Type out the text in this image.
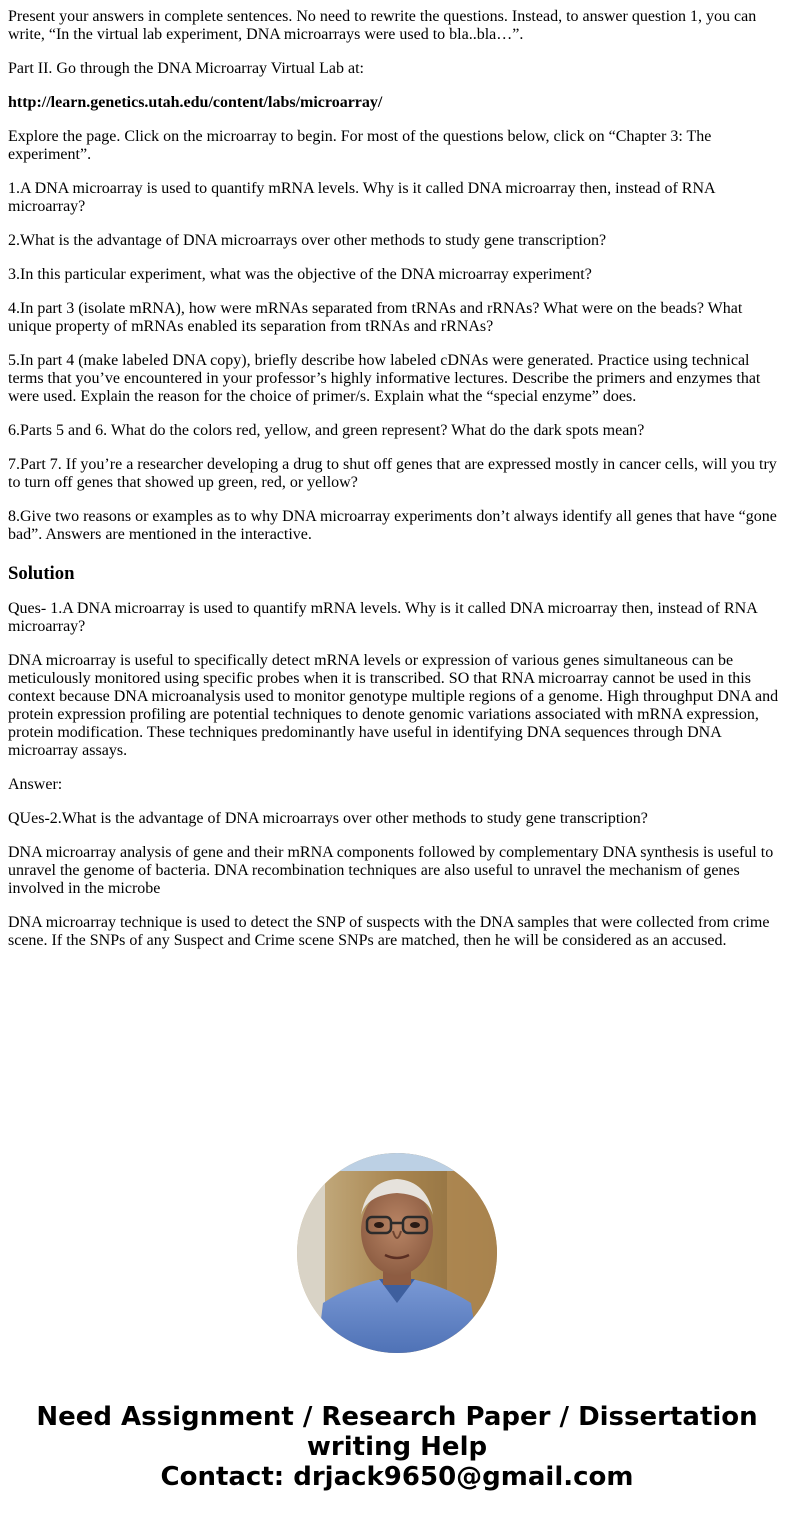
Present your answers in complete sentences. No need to rewrite the questions. Instead, to answer question 1, you can write, “In the virtual lab experiment, DNA microarrays were used to bla..bla…”.

Part II. Go through the DNA Microarray Virtual Lab at:

http://learn.genetics.utah.edu/content/labs/microarray/

Explore the page. Click on the microarray to begin. For most of the questions below, click on “Chapter 3: The experiment”.

1.A DNA microarray is used to quantify mRNA levels. Why is it called DNA microarray then, instead of RNA microarray?

2.What is the advantage of DNA microarrays over other methods to study gene transcription?

3.In this particular experiment, what was the objective of the DNA microarray experiment?

4.In part 3 (isolate mRNA), how were mRNAs separated from tRNAs and rRNAs? What were on the beads? What unique property of mRNAs enabled its separation from tRNAs and rRNAs?

5.In part 4 (make labeled DNA copy), briefly describe how labeled cDNAs were generated. Practice using technical terms that you’ve encountered in your professor’s highly informative lectures. Describe the primers and enzymes that were used. Explain the reason for the choice of primer/s. Explain what the “special enzyme” does.

6.Parts 5 and 6. What do the colors red, yellow, and green represent? What do the dark spots mean?

7.Part 7. If you’re a researcher developing a drug to shut off genes that are expressed mostly in cancer cells, will you try to turn off genes that showed up green, red, or yellow?

8.Give two reasons or examples as to why DNA microarray experiments don’t always identify all genes that have “gone bad”. Answers are mentioned in the interactive.

Solution

Ques- 1.A DNA microarray is used to quantify mRNA levels. Why is it called DNA microarray then, instead of RNA microarray?

DNA microarray is useful to specifically detect mRNA levels or expression of various genes simultaneous can be meticulously monitored using specific probes when it is transcribed. SO that RNA microarray cannot be used in this context because DNA microanalysis used to monitor genotype multiple regions of a genome. High throughput DNA and protein expression profiling are potential techniques to denote genomic variations associated with mRNA expression, protein modification. These techniques predominantly have useful in identifying DNA sequences through DNA microarray assays.

Answer:

QUes-2.What is the advantage of DNA microarrays over other methods to study gene transcription?

DNA microarray analysis of gene and their mRNA components followed by complementary DNA synthesis is useful to unravel the genome of bacteria. DNA recombination techniques are also useful to unravel the mechanism of genes involved in the microbe

DNA microarray technique is used to detect the SNP of suspects with the DNA samples that were collected from crime scene. If the SNPs of any Suspect and Crime scene SNPs are matched, then he will be considered as an accused.

Need Assignment / Research Paper / Dissertation
writing Help
Contact: drjack9650@gmail.com
